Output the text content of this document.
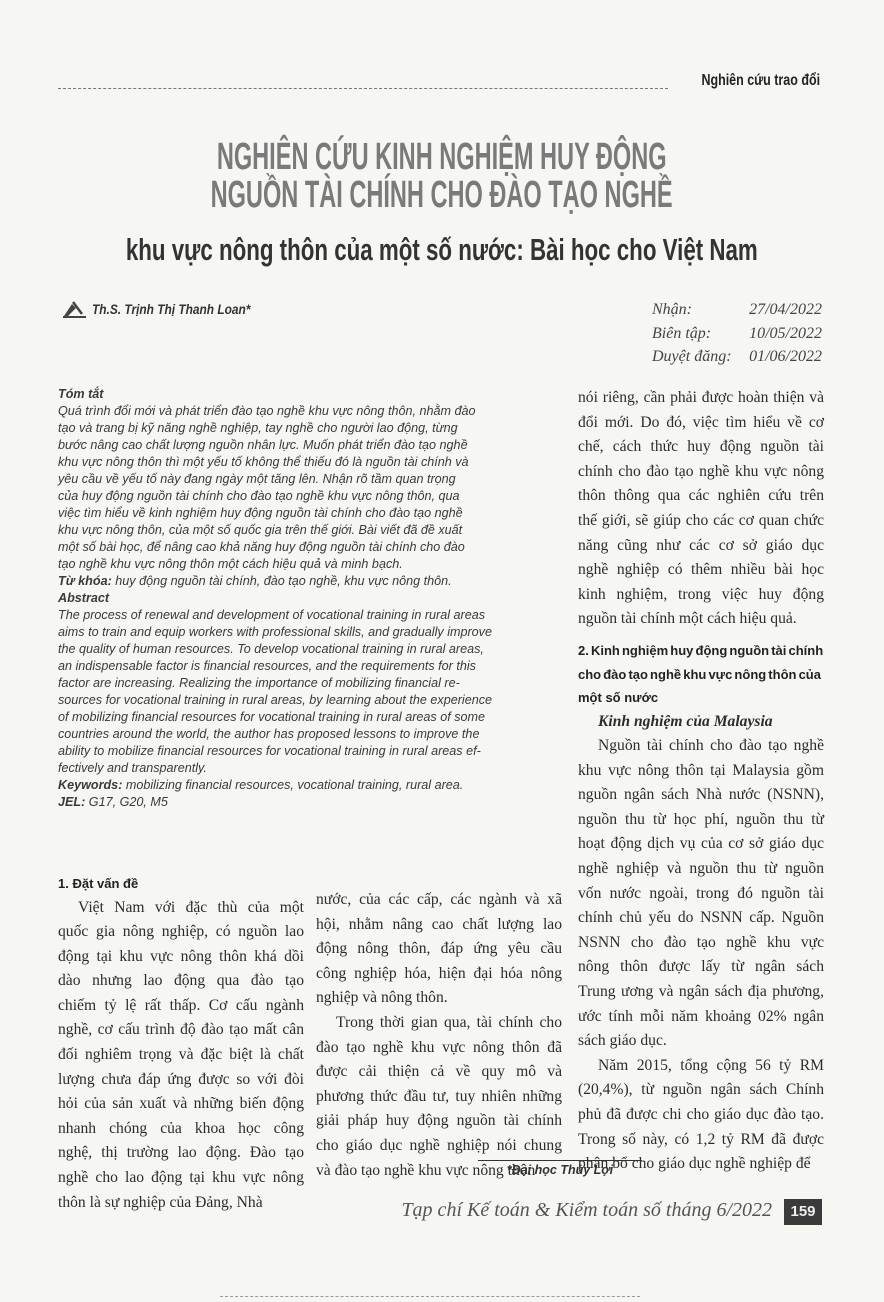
Nghiên cứu trao đổi
NGHIÊN CỨU KINH NGHIỆM HUY ĐỘNG
NGUỒN TÀI CHÍNH CHO ĐÀO TẠO NGHỀ
khu vực nông thôn của một số nước: Bài học cho Việt Nam
Th.S. Trịnh Thị Thanh Loan*	Nhận:	27/04/2022
Biên tập: 10/05/2022
Duyệt đăng: 01/06/2022
Tóm tắt
Quá trình đổi mới và phát triển đào tạo nghề khu vực nông thôn, nhằm đào
tạo và trang bị kỹ năng nghề nghiệp, tay nghề cho người lao động, từng
bước nâng cao chất lượng nguồn nhân lực. Muốn phát triển đào tạo nghề
khu vực nông thôn thì một yếu tố không thể thiếu đó là nguồn tài chính và
yêu cầu về yếu tố này đang ngày một tăng lên. Nhận rõ tầm quan trọng
của huy động nguồn tài chính cho đào tạo nghề khu vực nông thôn, qua
việc tìm hiểu về kinh nghiệm huy động nguồn tài chính cho đào tạo nghề
khu vực nông thôn, của một số quốc gia trên thế giới. Bài viết đã đề xuất
một số bài học, để nâng cao khả năng huy động nguồn tài chính cho đào
tạo nghề khu vực nông thôn một cách hiệu quả và minh bạch.
Từ khóa: huy động nguồn tài chính, đào tạo nghề, khu vực nông thôn.
Abstract
The process of renewal and development of vocational training in rural areas
aims to train and equip workers with professional skills, and gradually improve
the quality of human resources. To develop vocational training in rural areas,
an indispensable factor is financial resources, and the requirements for this
factor are increasing. Realizing the importance of mobilizing financial re-
sources for vocational training in rural areas, by learning about the experience
of mobilizing financial resources for vocational training in rural areas of some
countries around the world, the author has proposed lessons to improve the
ability to mobilize financial resources for vocational training in rural areas ef-
fectively and transparently.
Keywords: mobilizing financial resources, vocational training, rural area.
JEL: G17, G20, M5
1. Đặt vấn đề
Việt Nam với đặc thù của một
quốc gia nông nghiệp, có nguồn lao
động tại khu vực nông thôn khá dồi
dào nhưng lao động qua đào tạo
chiếm tỷ lệ rất thấp. Cơ cấu ngành
nghề, cơ cấu trình độ đào tạo mất cân
đối nghiêm trọng và đặc biệt là chất
lượng chưa đáp ứng được so với đòi
hỏi của sản xuất và những biến động
nhanh chóng của khoa học công
nghệ, thị trường lao động. Đào tạo
nghề cho lao động tại khu vực nông
thôn là sự nghiệp của Đảng, Nhà
nước, của các cấp, các ngành và xã
hội, nhằm nâng cao chất lượng lao
động nông thôn, đáp ứng yêu cầu
công nghiệp hóa, hiện đại hóa nông
nghiệp và nông thôn.
Trong thời gian qua, tài chính cho
đào tạo nghề khu vực nông thôn đã
được cải thiện cả về quy mô và
phương thức đầu tư, tuy nhiên những
giải pháp huy động nguồn tài chính
cho giáo dục nghề nghiệp nói chung
và đào tạo nghề khu vực nông thôn
nói riêng, cần phải được hoàn thiện và
đổi mới. Do đó, việc tìm hiểu về cơ
chế, cách thức huy động nguồn tài
chính cho đào tạo nghề khu vực nông
thôn thông qua các nghiên cứu trên
thế giới, sẽ giúp cho các cơ quan chức
năng cũng như các cơ sở giáo dục
nghề nghiệp có thêm nhiều bài học
kinh nghiệm, trong việc huy động
nguồn tài chính một cách hiệu quả.
2. Kinh nghiệm huy động nguồn tài chính
cho đào tạo nghề khu vực nông thôn của
một số nước
Kinh nghiệm của Malaysia
Nguồn tài chính cho đào tạo nghề
khu vực nông thôn tại Malaysia gồm
nguồn ngân sách Nhà nước (NSNN),
nguồn thu từ học phí, nguồn thu từ
hoạt động dịch vụ của cơ sở giáo dục
nghề nghiệp và nguồn thu từ nguồn
vốn nước ngoài, trong đó nguồn tài
chính chủ yếu do NSNN cấp. Nguồn
NSNN cho đào tạo nghề khu vực
nông thôn được lấy từ ngân sách
Trung ương và ngân sách địa phương,
ước tính mỗi năm khoảng 02% ngân
sách giáo dục.
Năm 2015, tổng cộng 56 tỷ RM
(20,4%), từ nguồn ngân sách Chính
phủ đã được chi cho giáo dục đào tạo.
Trong số này, có 1,2 tỷ RM đã được
phân bổ cho giáo dục nghề nghiệp để
*Đại học Thủy Lợi
Tạp chí Kế toán & Kiểm toán số tháng 6/2022	159
